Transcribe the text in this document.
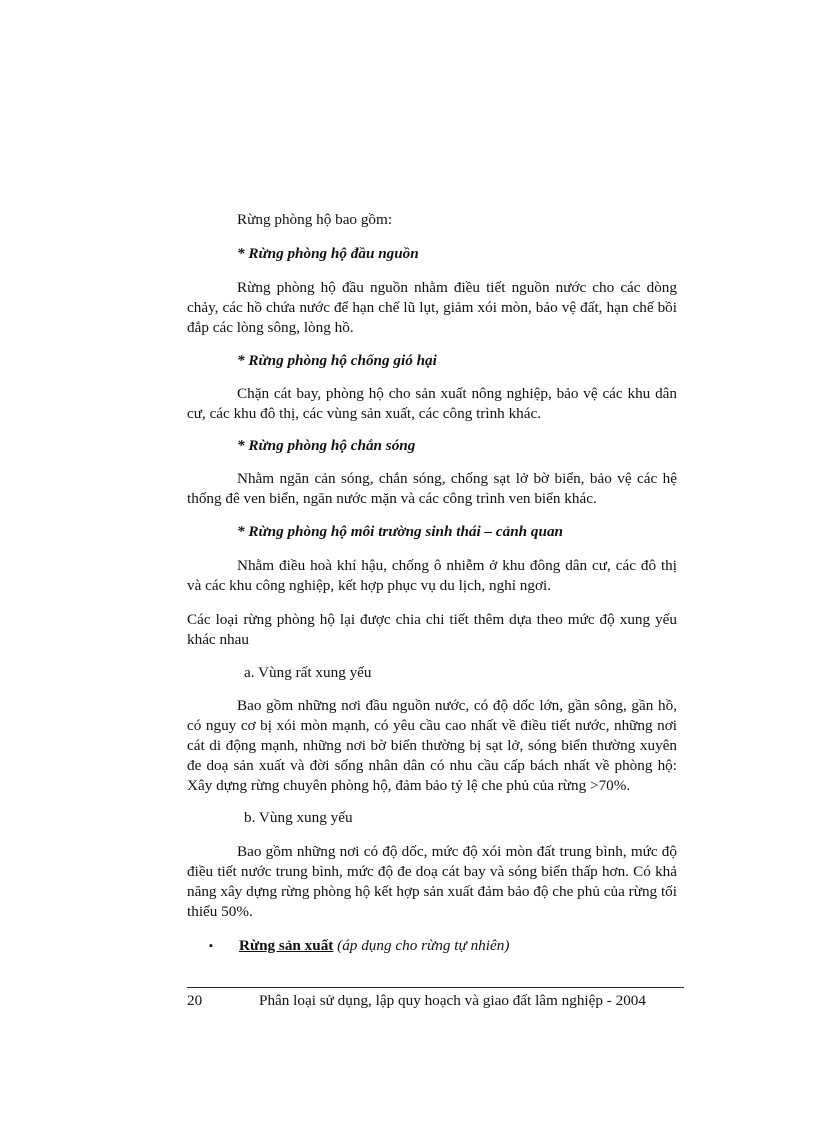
Rừng phòng hộ bao gồm:

* Rừng phòng hộ đầu nguồn

Rừng phòng hộ đầu nguồn nhằm điều tiết nguồn nước cho các dòng chảy, các hồ chứa nước để hạn chế lũ lụt, giảm xói mòn, bảo vệ đất, hạn chế bồi đắp các lòng sông, lòng hồ.

* Rừng phòng hộ chống gió hại

Chặn cát bay, phòng hộ cho sản xuất nông nghiệp, bảo vệ các khu dân cư, các khu đô thị, các vùng sản xuất, các công trình khác.

* Rừng phòng hộ chắn sóng

Nhằm ngăn cản sóng, chắn sóng, chống sạt lở bờ biển, bảo vệ các hệ thống đê ven biển, ngăn nước mặn và các công trình ven biển khác.

* Rừng phòng hộ môi trường sinh thái – cảnh quan

Nhằm điều hoà khí hậu, chống ô nhiễm ở khu đông dân cư, các đô thị và các khu công nghiệp, kết hợp phục vụ du lịch, nghỉ ngơi.

Các loại rừng phòng hộ lại được chia chi tiết thêm dựa theo mức độ xung yếu khác nhau

a. Vùng rất xung yếu

Bao gồm những nơi đầu nguồn nước, có độ dốc lớn, gần sông, gần hồ, có nguy cơ bị xói mòn mạnh, có yêu cầu cao nhất về điều tiết nước, những nơi cát di động mạnh, những nơi bờ biển thường bị sạt lở, sóng biển thường xuyên đe doạ sản xuất và đời sống nhân dân có nhu cầu cấp bách nhất về phòng hộ: Xây dựng rừng chuyên phòng hộ, đảm bảo tỷ lệ che phủ của rừng >70%.

b. Vùng xung yếu

Bao gồm những nơi có độ dốc, mức độ xói mòn đất trung bình, mức độ điều tiết nước trung bình, mức độ đe doạ cát bay và sóng biển thấp hơn. Có khả năng xây dựng rừng phòng hộ kết hợp sản xuất đảm bảo độ che phủ của rừng tối thiểu 50%.

▪ Rừng sản xuất (áp dụng cho rừng tự nhiên)

20	Phân loại sử dụng, lập quy hoạch và giao đất lâm nghiệp - 2004
